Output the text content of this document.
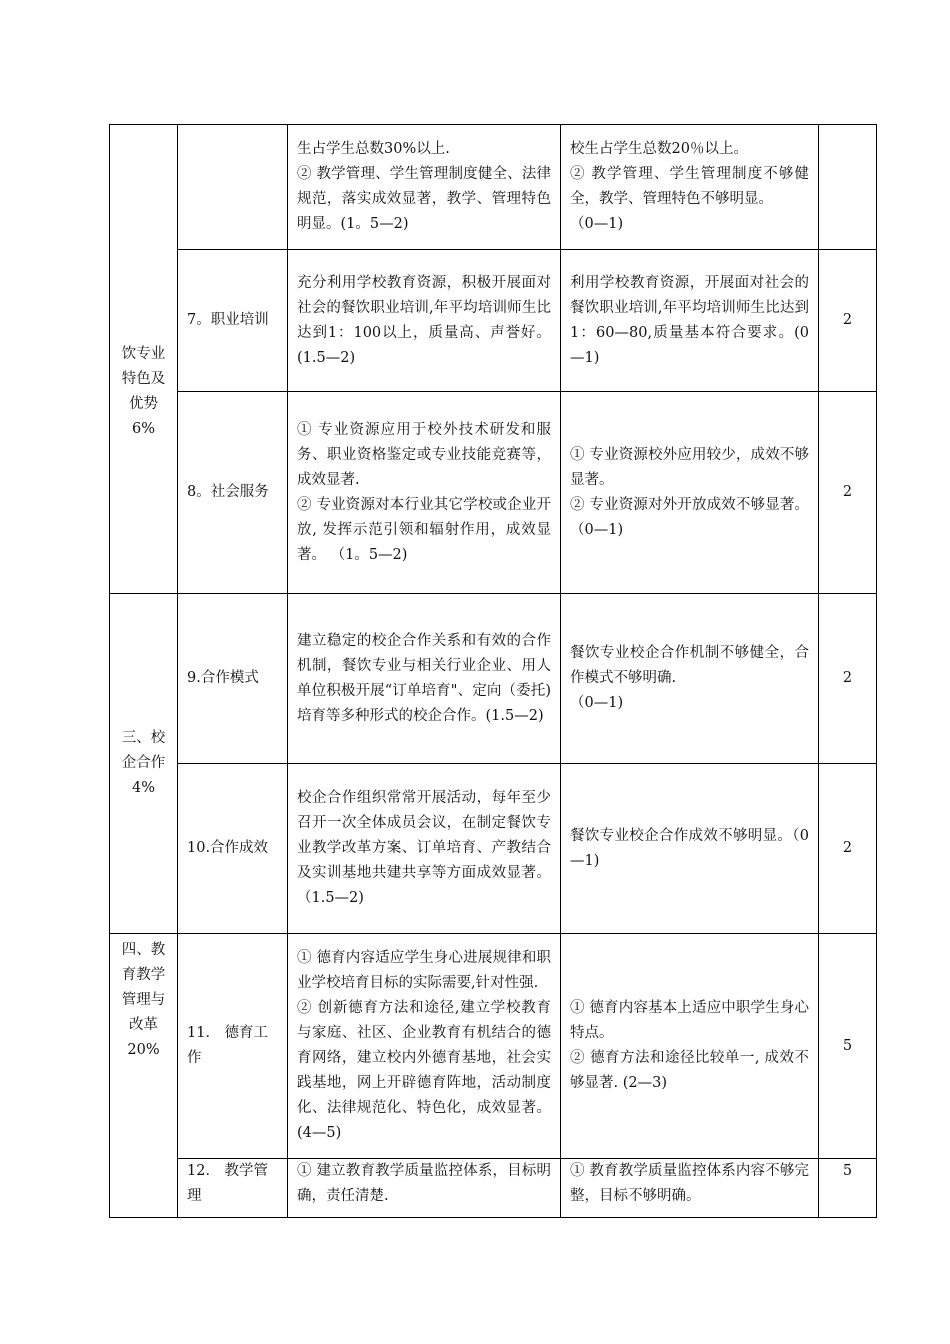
饮专业
特色及
优势
6%		生占学生总数30%以上.
② 教学管理、学生管理制度健全、法律规范，落实成效显著，教学、管理特色明显。(1。5—2)	校生占学生总数20％以上。
② 教学管理、学生管理制度不够健全，教学、管理特色不够明显。
（0—1)	

	7。职业培训	充分利用学校教育资源，积极开展面对社会的餐饮职业培训,年平均培训师生比达到1：100以上，质量高、声誉好。(1.5—2)	利用学校教育资源，开展面对社会的餐饮职业培训,年平均培训师生比达到1：60—80,质量基本符合要求。(0—1)	2

	8。社会服务	① 专业资源应用于校外技术研发和服务、职业资格鉴定或专业技能竞赛等，成效显著.
② 专业资源对本行业其它学校或企业开放, 发挥示范引领和辐射作用，成效显著。 （1。5—2)	① 专业资源校外应用较少，成效不够显著。
② 专业资源对外开放成效不够显著。（0—1)	2

三、校
企合作
4%	9.合作模式	建立稳定的校企合作关系和有效的合作机制，餐饮专业与相关行业企业、用人单位积极开展“订单培育"、定向（委托)培育等多种形式的校企合作。(1.5—2)	餐饮专业校企合作机制不够健全，合作模式不够明确.
（0—1)	2

	10.合作成效	校企合作组织常常开展活动，每年至少召开一次全体成员会议，在制定餐饮专业教学改革方案、订单培育、产教结合及实训基地共建共享等方面成效显著。（1.5—2)	餐饮专业校企合作成效不够明显。（0—1)	2

四、教
育教学
管理与
改革
20%	11． 德育工作	① 德育内容适应学生身心进展规律和职业学校培育目标的实际需要,针对性强.
② 创新德育方法和途径,建立学校教育与家庭、社区、企业教育有机结合的德育网络，建立校内外德育基地，社会实践基地，网上开辟德育阵地，活动制度化、法律规范化、特色化，成效显著。(4—5)	① 德育内容基本上适应中职学生身心特点。
② 德育方法和途径比较单一, 成效不够显著. (2—3)	5

	12． 教学管理	① 建立教育教学质量监控体系，目标明确，责任清楚.	① 教育教学质量监控体系内容不够完整，目标不够明确。	5
